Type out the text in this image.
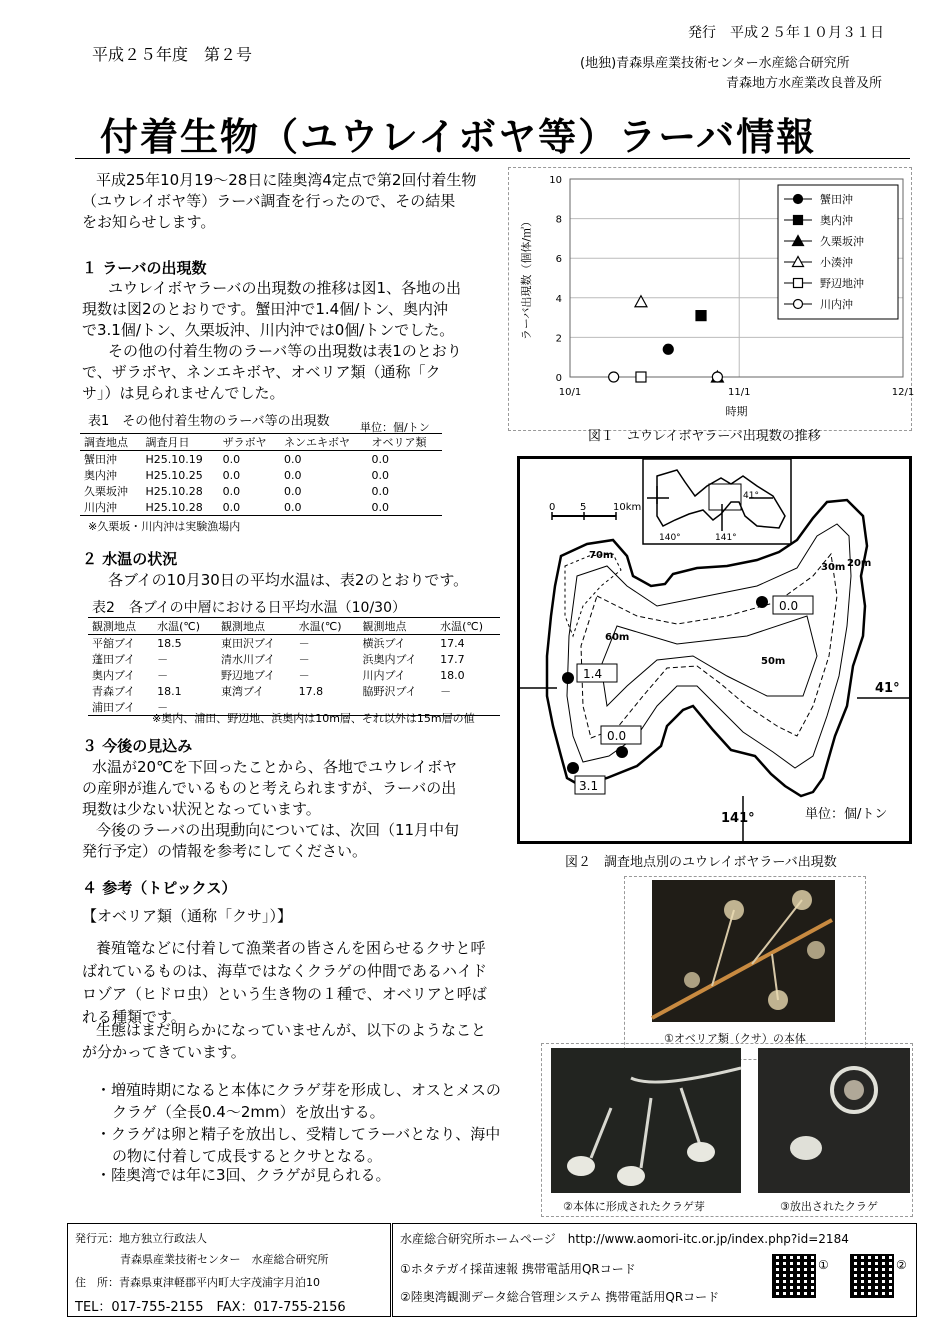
平成２５年度　第２号
発行　平成２５年１０月３１日
(地独)青森県産業技術センター水産総合研究所
青森地方水産業改良普及所
付着生物（ユウレイボヤ等）ラーバ情報
平成25年10月19～28日に陸奥湾4定点で第2回付着生物
（ユウレイボヤ等）ラーバ調査を行ったので、その結果
をお知らせします。
１ ラーバの出現数
ユウレイボヤラーバの出現数の推移は図1、各地の出
現数は図2のとおりです。蟹田沖で1.4個/トン、奥内沖
で3.1個/トン、久栗坂沖、川内沖では0個/トンでした。
その他の付着生物のラーバ等の出現数は表1のとおり
で、ザラボヤ、ネンエキボヤ、オベリア類（通称「ク
サ」）は見られませんでした。
表1　その他付着生物のラーバ等の出現数	単位：個/トン
調査地点	調査月日	ザラボヤ	ネンエキボヤ	オベリア類
蟹田沖	H25.10.19	0.0	0.0	0.0
奥内沖	H25.10.25	0.0	0.0	0.0
久栗坂沖	H25.10.28	0.0	0.0	0.0
川内沖	H25.10.28	0.0	0.0	0.0
※久栗坂・川内沖は実験漁場内
２ 水温の状況
各ブイの10月30日の平均水温は、表2のとおりです。
表2　各ブイの中層における日平均水温（10/30）
観測地点	水温(℃)	観測地点	水温(℃)	観測地点	水温(℃)
平舘ブイ	18.5	東田沢ブイ	－	横浜ブイ	17.4
蓬田ブイ	－	清水川ブイ	－	浜奥内ブイ	17.7
奥内ブイ	－	野辺地ブイ	－	川内ブイ	18.0
青森ブイ	18.1	東湾ブイ	17.8	脇野沢ブイ	－
浦田ブイ	－				
※奥内、浦田、野辺地、浜奥内は10m層、それ以外は15m層の値
３ 今後の見込み
水温が20℃を下回ったことから、各地でユウレイボヤ
の産卵が進んでいるものと考えられますが、ラーバの出
現数は少ない状況となっています。
今後のラーバの出現動向については、次回（11月中旬
発行予定）の情報を参考にしてください。
４ 参考（トピックス）
【オベリア類（通称「クサ」）】
養殖篭などに付着して漁業者の皆さんを困らせるクサと呼
ばれているものは、海草ではなくクラゲの仲間であるハイド
ロゾア（ヒドロ虫）という生き物の１種で、オベリアと呼ば
れる種類です。
生態はまだ明らかになっていませんが、以下のようなこと
が分かってきています。
・増殖時期になると本体にクラゲ芽を形成し、オスとメスの
クラゲ（全長0.4～2mm）を放出する。
・クラゲは卵と精子を放出し、受精してラーバとなり、海中
の物に付着して成長するとクサとなる。
・陸奥湾では年に3回、クラゲが見られる。
0
2
4
6
8
10
10/1	11/1	12/1
時期
ラーバ出現数（個体/㎥）
蟹田沖
奥内沖
久栗坂沖
小湊沖
野辺地沖
川内沖
図１　ユウレイボヤラーバ出現数の推移
41°
140°	141°
0 5	10km
70m
60m
50m
30m 20m
41°
141°
0.0
1.4
0.0
3.1
単位：個/トン
図２　調査地点別のユウレイボヤラーバ出現数
①オベリア類（クサ）の本体
②本体に形成されたクラゲ芽	③放出されたクラゲ
発行元：地方独立行政法人
青森県産業技術センター　水産総合研究所
住　所：青森県東津軽郡平内町大字茂浦字月泊10
TEL：017-755-2155　FAX：017-755-2156
水産総合研究所ホームページ　http://www.aomori-itc.or.jp/index.php?id=2184
①ホタテガイ採苗速報 携帯電話用QRコード
②陸奥湾観測データ総合管理システム 携帯電話用QRコード
①	②
